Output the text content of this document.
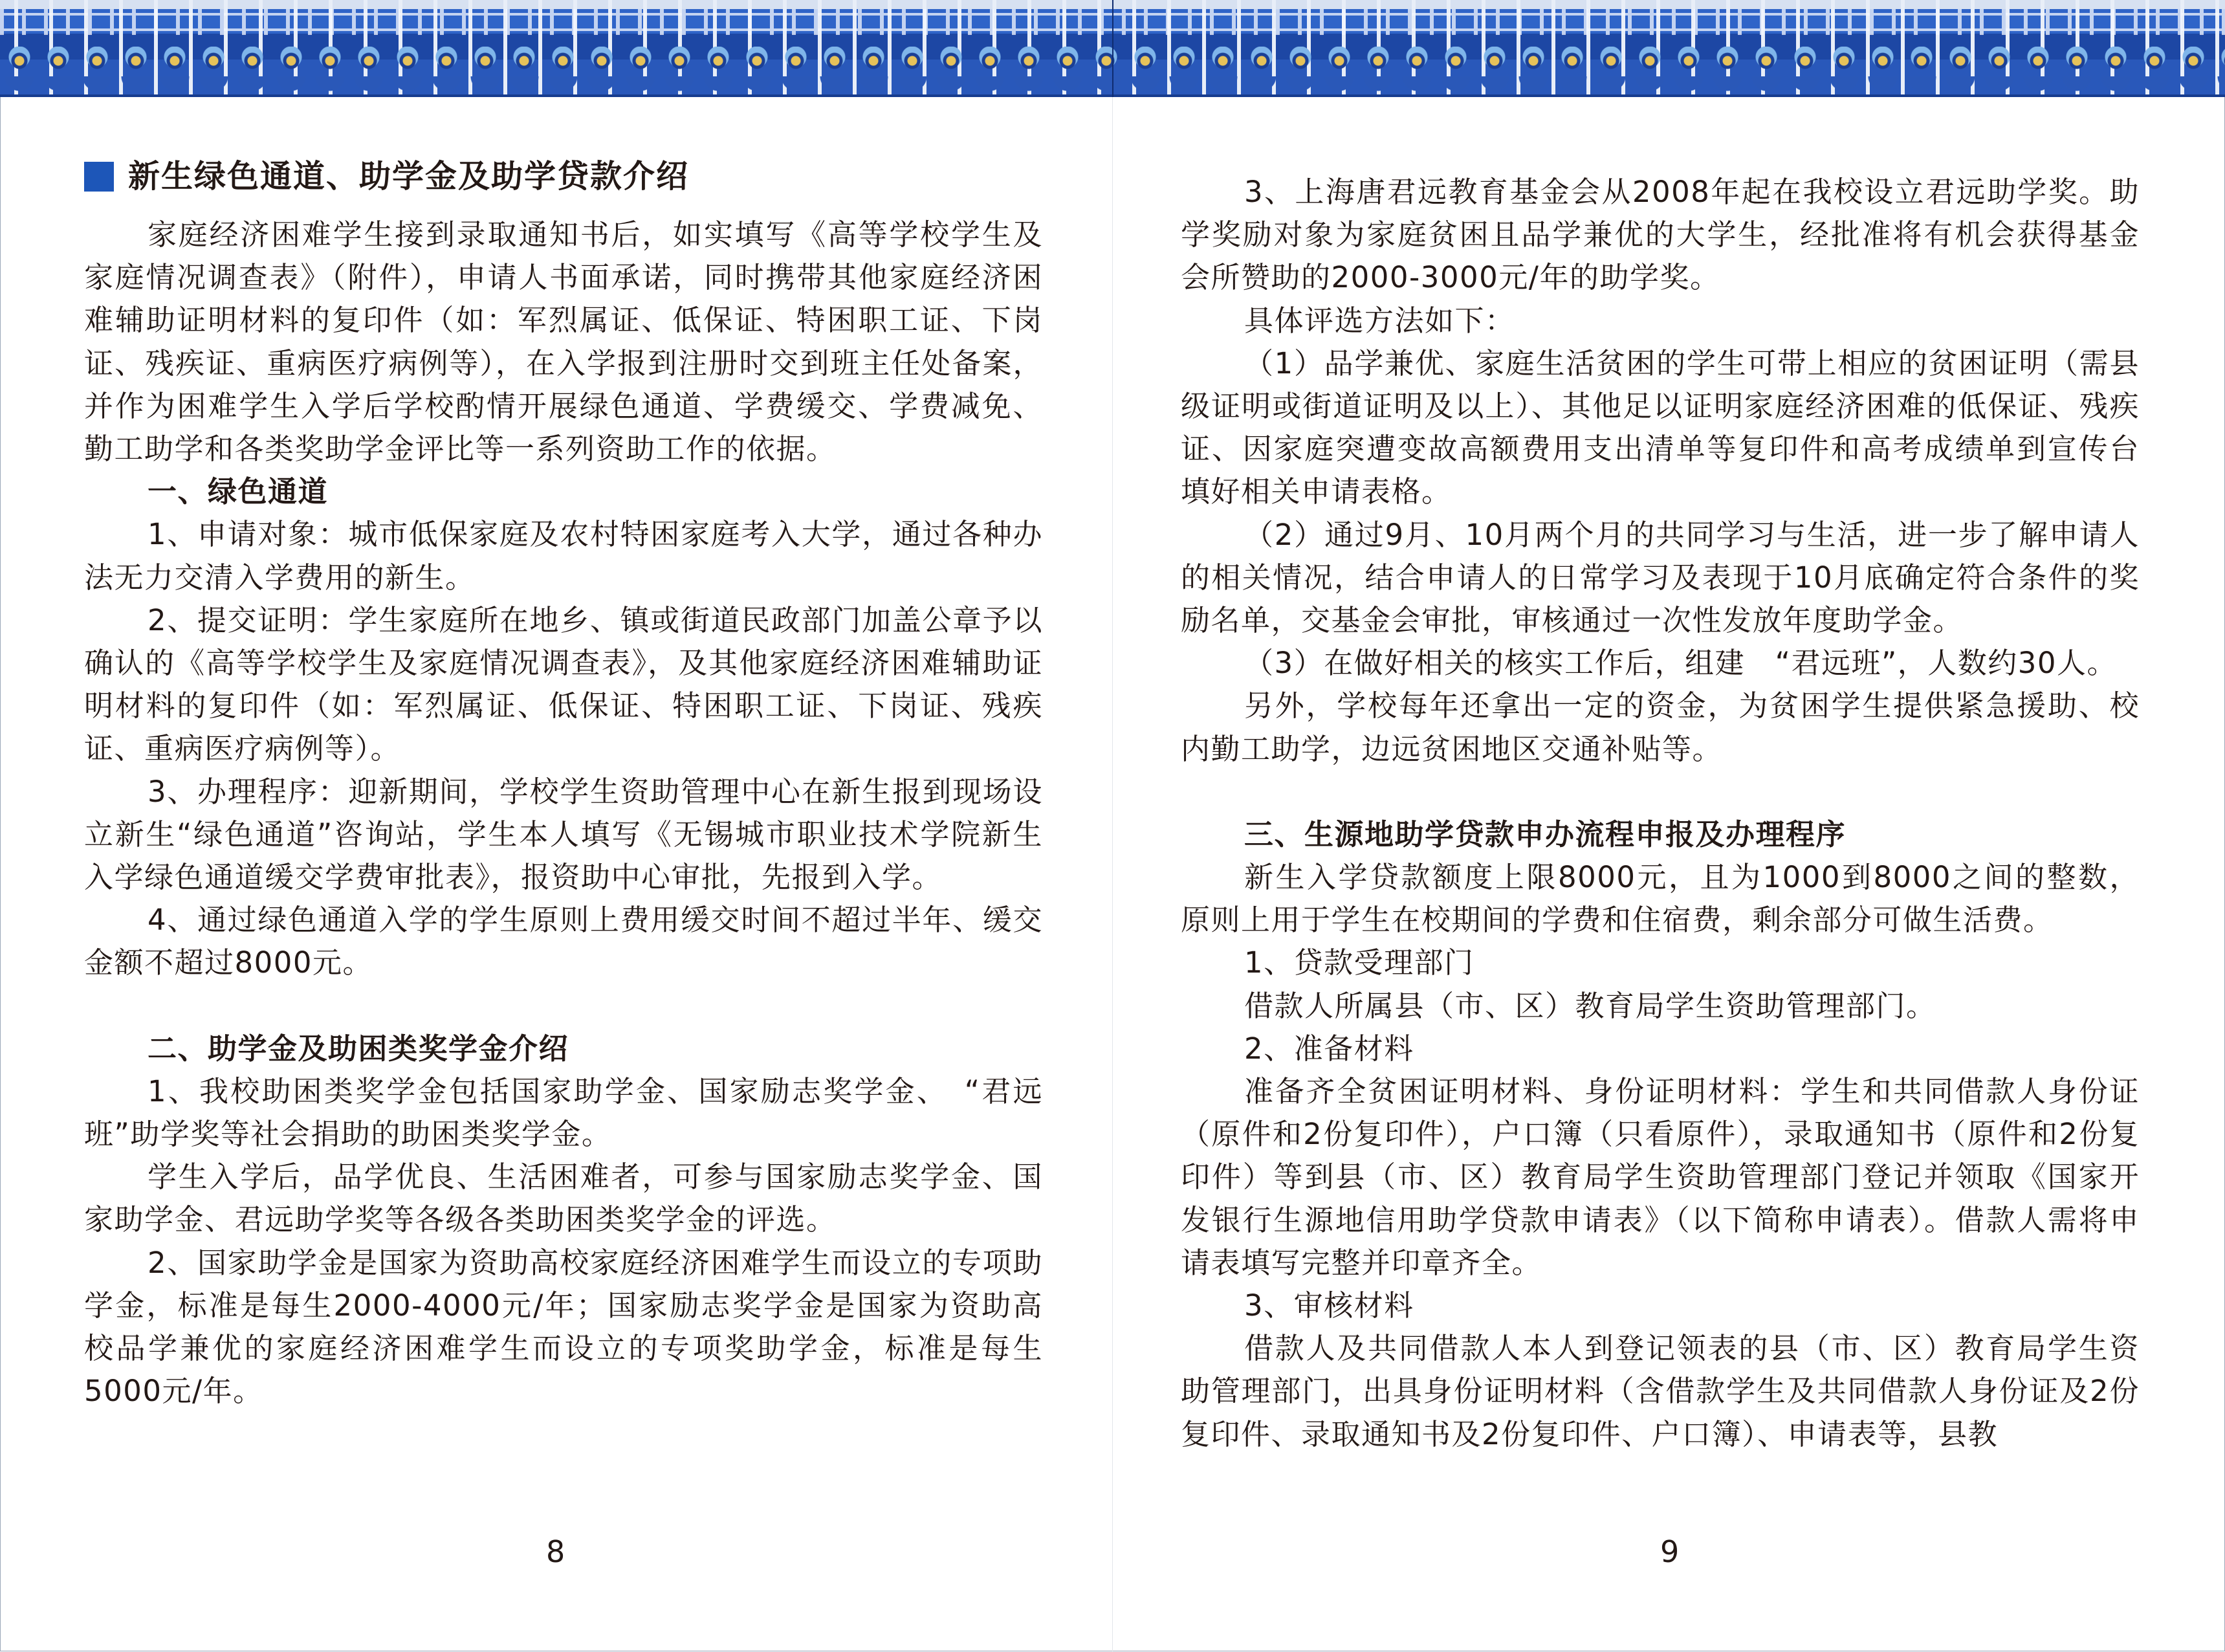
新生绿色通道、助学金及助学贷款介绍

家庭经济困难学生接到录取通知书后，如实填写《高等学校学生及家庭情况调查表》（附件），申请人书面承诺，同时携带其他家庭经济困难辅助证明材料的复印件（如：军烈属证、低保证、特困职工证、下岗证、残疾证、重病医疗病例等），在入学报到注册时交到班主任处备案，并作为困难学生入学后学校酌情开展绿色通道、学费缓交、学费减免、勤工助学和各类奖助学金评比等一系列资助工作的依据。

一、绿色通道

1、申请对象：城市低保家庭及农村特困家庭考入大学，通过各种办法无力交清入学费用的新生。

2、提交证明：学生家庭所在地乡、镇或街道民政部门加盖公章予以确认的《高等学校学生及家庭情况调查表》，及其他家庭经济困难辅助证明材料的复印件（如：军烈属证、低保证、特困职工证、下岗证、残疾证、重病医疗病例等）。

3、办理程序：迎新期间，学校学生资助管理中心在新生报到现场设立新生“绿色通道”咨询站，学生本人填写《无锡城市职业技术学院新生入学绿色通道缓交学费审批表》，报资助中心审批，先报到入学。

4、通过绿色通道入学的学生原则上费用缓交时间不超过半年、缓交金额不超过8000元。

二、助学金及助困类奖学金介绍

1、我校助困类奖学金包括国家助学金、国家励志奖学金、　“君远班”助学奖等社会捐助的助困类奖学金。

学生入学后，品学优良、生活困难者，可参与国家励志奖学金、国家助学金、君远助学奖等各级各类助困类奖学金的评选。

2、国家助学金是国家为资助高校家庭经济困难学生而设立的专项助学金，标准是每生2000-4000元/年；国家励志奖学金是国家为资助高校品学兼优的家庭经济困难学生而设立的专项奖助学金，标准是每生5000元/年。

8

3、上海唐君远教育基金会从2008年起在我校设立君远助学奖。助学奖励对象为家庭贫困且品学兼优的大学生，经批准将有机会获得基金会所赞助的2000-3000元/年的助学奖。

具体评选方法如下：

（1）品学兼优、家庭生活贫困的学生可带上相应的贫困证明（需县级证明或街道证明及以上）、其他足以证明家庭经济困难的低保证、残疾证、因家庭突遭变故高额费用支出清单等复印件和高考成绩单到宣传台填好相关申请表格。

（2）通过9月、10月两个月的共同学习与生活，进一步了解申请人的相关情况，结合申请人的日常学习及表现于10月底确定符合条件的奖励名单，交基金会审批，审核通过一次性发放年度助学金。

（3）在做好相关的核实工作后，组建　“君远班”，人数约30人。

另外，学校每年还拿出一定的资金，为贫困学生提供紧急援助、校内勤工助学，边远贫困地区交通补贴等。

三、生源地助学贷款申办流程申报及办理程序

新生入学贷款额度上限8000元，且为1000到8000之间的整数，原则上用于学生在校期间的学费和住宿费，剩余部分可做生活费。

1、贷款受理部门

借款人所属县（市、区）教育局学生资助管理部门。

2、准备材料

准备齐全贫困证明材料、身份证明材料：学生和共同借款人身份证（原件和2份复印件），户口簿（只看原件），录取通知书（原件和2份复印件）等到县（市、区）教育局学生资助管理部门登记并领取《国家开发银行生源地信用助学贷款申请表》（以下简称申请表）。借款人需将申请表填写完整并印章齐全。

3、审核材料

借款人及共同借款人本人到登记领表的县（市、区）教育局学生资助管理部门，出具身份证明材料（含借款学生及共同借款人身份证及2份复印件、录取通知书及2份复印件、户口簿）、申请表等，县教

9
